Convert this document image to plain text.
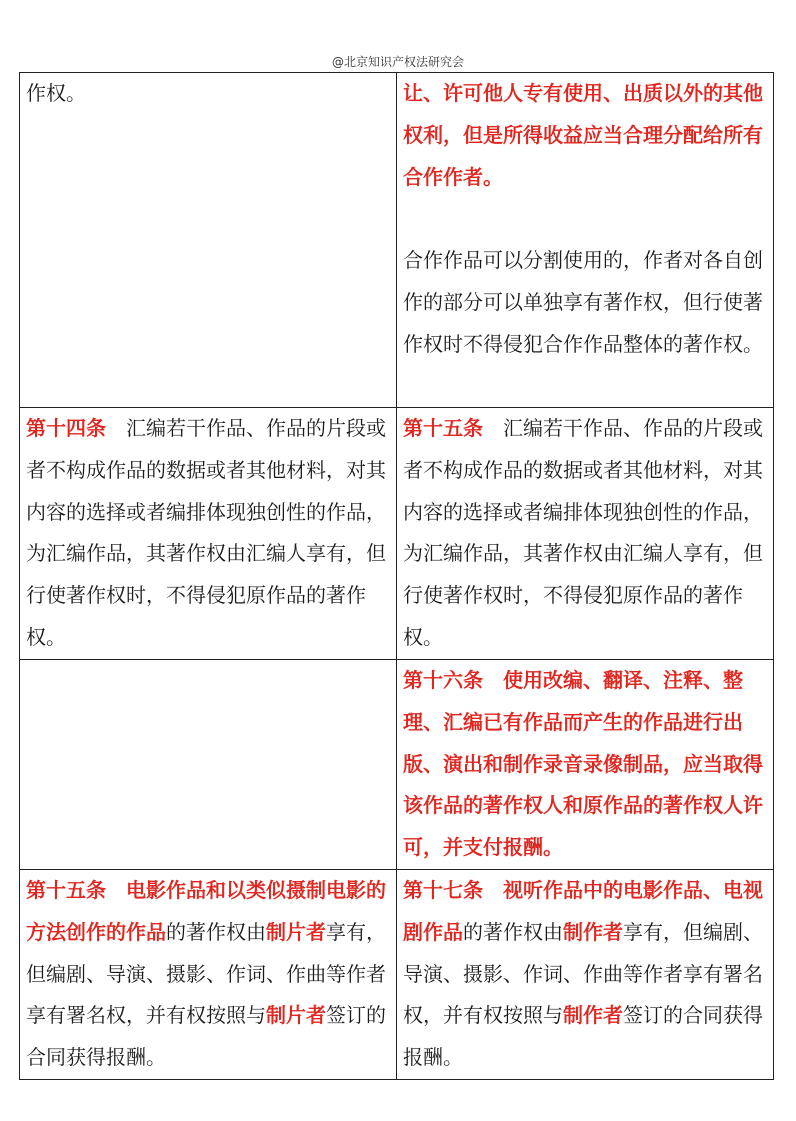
@北京知识产权法研究会

作权。	让、许可他人专有使用、出质以外的其他权利，但是所得收益应当合理分配给所有合作作者。

合作作品可以分割使用的，作者对各自创作的部分可以单独享有著作权，但行使著作权时不得侵犯合作作品整体的著作权。

第十四条 汇编若干作品、作品的片段或者不构成作品的数据或者其他材料，对其内容的选择或者编排体现独创性的作品，为汇编作品，其著作权由汇编人享有，但行使著作权时，不得侵犯原作品的著作权。	第十五条 汇编若干作品、作品的片段或者不构成作品的数据或者其他材料，对其内容的选择或者编排体现独创性的作品，为汇编作品，其著作权由汇编人享有，但行使著作权时，不得侵犯原作品的著作权。

	第十六条 使用改编、翻译、注释、整理、汇编已有作品而产生的作品进行出版、演出和制作录音录像制品，应当取得该作品的著作权人和原作品的著作权人许可，并支付报酬。

第十五条 电影作品和以类似摄制电影的方法创作的作品的著作权由制片者享有，但编剧、导演、摄影、作词、作曲等作者享有署名权，并有权按照与制片者签订的合同获得报酬。	第十七条 视听作品中的电影作品、电视剧作品的著作权由制作者享有，但编剧、导演、摄影、作词、作曲等作者享有署名权，并有权按照与制作者签订的合同获得报酬。
